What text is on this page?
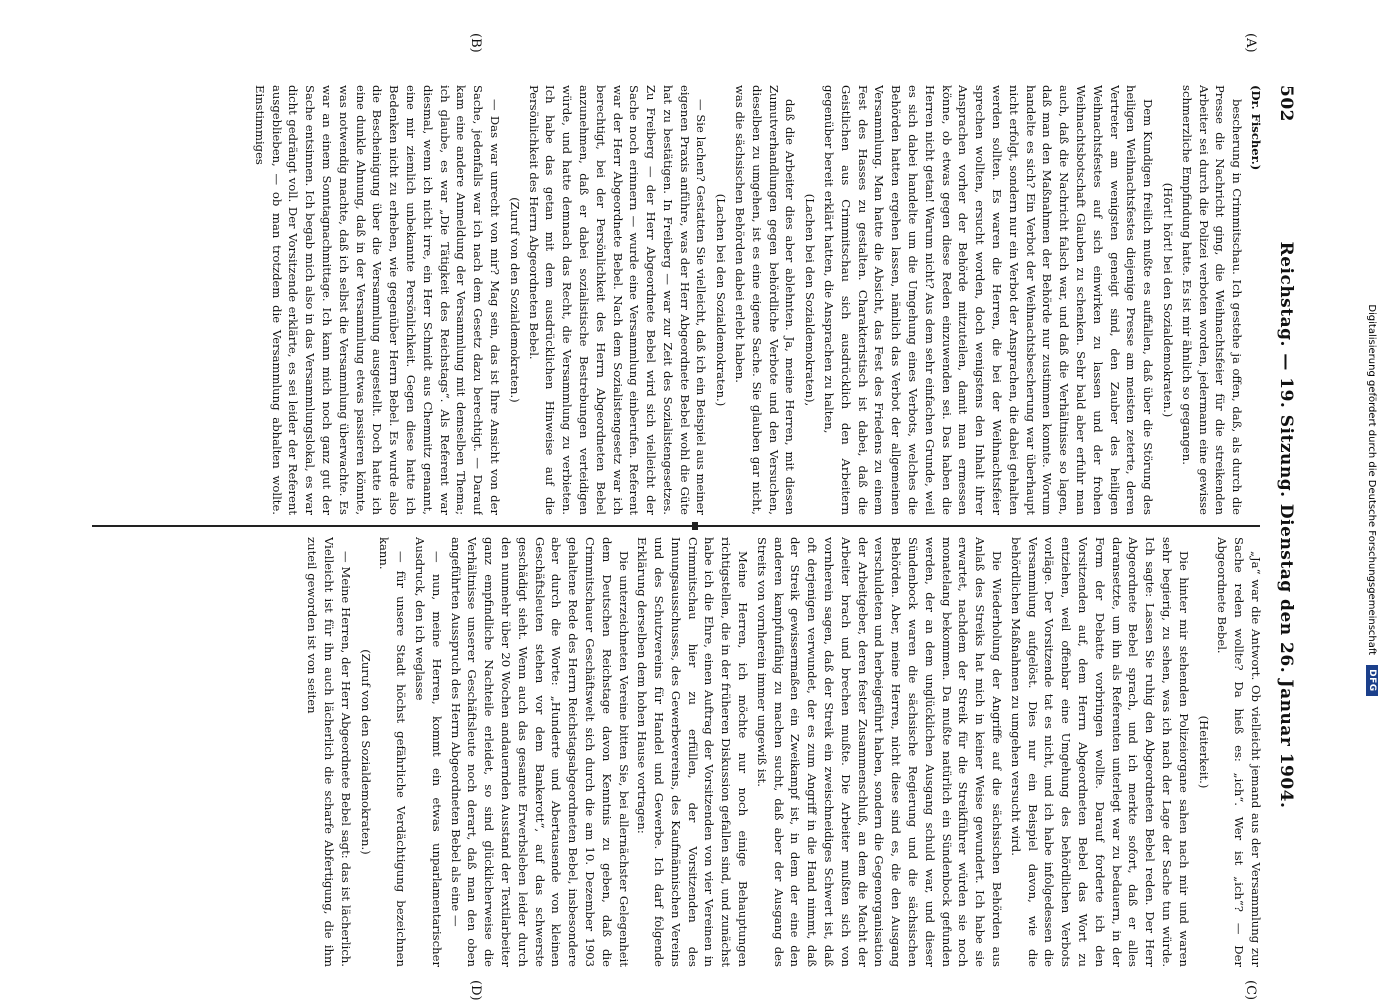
502
Reichstag. — 19. Sitzung. Dienstag den 26. Januar 1904.
(Dr. Fischer.)

bescherung in Crimmitschau. Ich gestehe ja offen, daß, als durch die Presse die Nachricht ging, die Weihnachtsfeier für die streikenden Arbeiter sei durch die Polizei verboten worden, jedermann eine gewisse schmerzliche Empfindung hatte. Es ist mir ähnlich so gegangen.

(Hört! hört! bei den Sozialdemokraten.)

Dem Kundigen freilich mußte es auffallen, daß über die Störung des heiligen Weihnachtsfestes diejenige Presse am meisten zeterte, deren Vertreter am wenigsten geneigt sind, den Zauber des heiligen Weihnachtsfestes auf sich einwirken zu lassen und der frohen Weihnachtsbotschaft Glauben zu schenken. Sehr bald aber erfuhr man auch, daß die Nachricht falsch war, und daß die Verhältnisse so lagen, daß man den Maßnahmen der Behörde nur zustimmen konnte. Worum handelte es sich? Ein Verbot der Weihnachtsbescherung war überhaupt nicht erfolgt, sondern nur ein Verbot der Ansprachen, die dabei gehalten werden sollten. Es waren die Herren, die bei der Weihnachtsfeier sprechen wollten, ersucht worden, doch wenigstens den Inhalt ihrer Ansprachen vorher der Behörde mitzuteilen, damit man ermessen könne, ob etwas gegen diese Reden einzuwenden sei. Das haben die Herren nicht getan! Warum nicht? Aus dem sehr einfachen Grunde, weil es sich dabei handelte um die Umgehung eines Verbots, welches die Behörden hatten ergehen lassen, nämlich das Verbot der allgemeinen Versammlung. Man hatte die Absicht, das Fest des Friedens zu einem Fest des Hasses zu gestalten. Charakteristisch ist dabei, daß die Geistlichen aus Crimmitschau sich ausdrücklich den Arbeitern gegenüber bereit erklärt hatten, die Ansprachen zu halten,

(Lachen bei den Sozialdemokraten),

daß die Arbeiter dies aber ablehnten. Ja, meine Herren, mit diesen Zumutverhandlungen gegen behördliche Verbote und den Versuchen, dieselben zu umgehen, ist es eine eigene Sache. Sie glauben gar nicht, was die sächsischen Behörden dabei erlebt haben.

(Lachen bei den Sozialdemokraten.)

— Sie lachen? Gestatten Sie vielleicht, daß ich ein Beispiel aus meiner eigenen Praxis anführe, was der Herr Abgeordnete Bebel wohl die Güte hat zu bestätigen. In Freiberg — war zur Zeit des Sozialistengesetzes. Zu Freiberg — der Herr Abgeordnete Bebel wird sich vielleicht der Sache noch erinnern — wurde eine Versammlung einberufen. Referent war der Herr Abgeordnete Bebel. Nach dem Sozialistengesetz war ich berechtigt, bei der Persönlichkeit des Herrn Abgeordneten Bebel anzunehmen, daß er dabei sozialistische Bestrebungen verteidigen würde, und hatte demnach das Recht, die Versammlung zu verbieten. Ich habe das getan mit dem ausdrücklichen Hinweise auf die Persönlichkeit des Herrn Abgeordneten Bebel.

(Zuruf von den Sozialdemokraten.)

— Das war unrecht von mir? Mag sein, das ist Ihre Ansicht von der Sache, jedenfalls war ich nach dem Gesetz dazu berechtigt. — Darauf kam eine andere Anmeldung der Versammlung mit demselben Thema; ich glaube, es war „Die Tätigkeit des Reichstags“. Als Referent war diesmal, wenn ich nicht irre, ein Herr Schmidt aus Chemnitz genannt, eine mir ziemlich unbekannte Persönlichkeit. Gegen diese hatte ich Bedenken nicht zu erheben, wie gegenüber Herrn Bebel. Es wurde also die Bescheinigung über die Versammlung ausgestellt. Doch hatte ich eine dunkle Ahnung, daß in der Versammlung etwas passieren könnte, was notwendig machte, daß ich selbst die Versammlung überwachte. Es war an einem Sonntagnachmittage. Ich kann mich noch ganz gut der Sache entsinnen. Ich begab mich also in das Versammlungslokal, es war dicht gedrängt voll. Der Vorsitzende erklärte, es sei leider der Referent ausgeblieben, — ob man trotzdem die Versammlung abhalten wollte. Einstimmiges

„Ja“ war die Antwort. Ob vielleicht jemand aus der Versammlung zur Sache reden wollte? Da hieß es: „ich“. Wer ist „ich“? — Der Abgeordnete Bebel.

(Heiterkeit.)

Die hinter mir stehenden Polizeiorgane sahen nach mir und waren sehr begierig, zu sehen, was ich nach der Lage der Sache tun würde. Ich sagte: Lassen Sie ruhig den Abgeordneten Bebel reden. Der Herr Abgeordnete Bebel sprach, und ich merkte sofort, daß er alles daransetzte, um ihn als Referenten unterlegt war zu bedauern, in der Form der Debatte vorbringen wollte. Darauf forderte ich den Vorsitzenden auf, dem Herrn Abgeordneten Bebel das Wort zu entziehen, weil offenbar eine Umgehung des behördlichen Verbots vorläge. Der Vorsitzende tat es nicht, und ich habe infolgedessen die Versammlung aufgelöst. Dies nur ein Beispiel davon, wie die behördlichen Maßnahmen zu umgehen versucht wird.

Die Wiederholung der Angriffe auf die sächsischen Behörden aus Anlaß des Streiks hat mich in keiner Weise gewundert. Ich habe sie erwartet, nachdem der Streik für die Streikführer würden sie noch monatelang bekommen. Da mußte natürlich ein Sündenbock gefunden werden, der an dem unglücklichen Ausgang schuld war, und dieser Sündenbock waren die sächsische Regierung und die sächsischen Behörden. Aber, meine Herren, nicht diese sind es, die den Ausgang verschuldeten und herbeigeführt haben, sondern die Gegenorganisation der Arbeitgeber, deren fester Zusammenschluß, an dem die Macht der Arbeiter brach und brechen mußte. Die Arbeiter mußten sich von vornherein sagen, daß der Streik ein zweischneidiges Schwert ist, daß oft derjenigen verwundet, der es zum Angriff in die Hand nimmt, daß der Streik gewissermaßen ein Zweikampf ist, in dem der eine den anderen kampfunfähig zu machen sucht, daß aber der Ausgang des Streits von vornherein immer ungewiß ist.

Meine Herren, ich möchte nur noch einige Behauptungen richtigstellen, die in der früheren Diskussion gefallen sind, und zunächst habe ich die Ehre, einen Auftrag der Vorsitzenden von vier Vereinen in Crimmitschau hier zu erfüllen, der Vorsitzenden des Innungsausschusses, des Gewerbevereins, des Kaufmännischen Vereins und des Schutzvereins für Handel und Gewerbe. Ich darf folgende Erklärung derselben dem hohen Hause vortragen:

Die unterzeichneten Vereine bitten Sie, bei allernächster Gelegenheit dem Deutschen Reichstage davon Kenntnis zu geben, daß die Crimmitschauer Geschäftswelt sich durch die am 10. Dezember 1903 gehaltene Rede des Herrn Reichstagsabgeordneten Bebel, insbesondere aber durch die Worte: „Hunderte und Abertausende von kleinen Geschäftsleuten stehen vor dem Bankerott“, auf das schwerste geschädigt sieht. Wenn auch das gesamte Erwerbsleben leider durch den nunmehr über 20 Wochen andauernden Ausstand der Textilarbeiter ganz empfindliche Nachteile erleidet, so sind glücklicherweise die Verhältnisse unserer Geschäftsleute noch derart, daß man den oben angeführten Ausspruch des Herrn Abgeordneten Bebel als eine —

— nun, meine Herren, kommt ein etwas unparlamentarischer Ausdruck, den ich weglasse

— für unsere Stadt höchst gefährliche Verdächtigung bezeichnen kann.

(Zuruf von den Sozialdemokraten.)

— Meine Herren, der Herr Abgeordnete Bebel sagt: das ist lächerlich. Vielleicht ist für ihn auch lächerlich die scharfe Abfertigung, die ihm zuteil geworden ist von seiten

(A)
(B)
(C)
(D)
Digitalisierung gefördert durch die Deutsche Forschungsgemeinschaft
DFG
